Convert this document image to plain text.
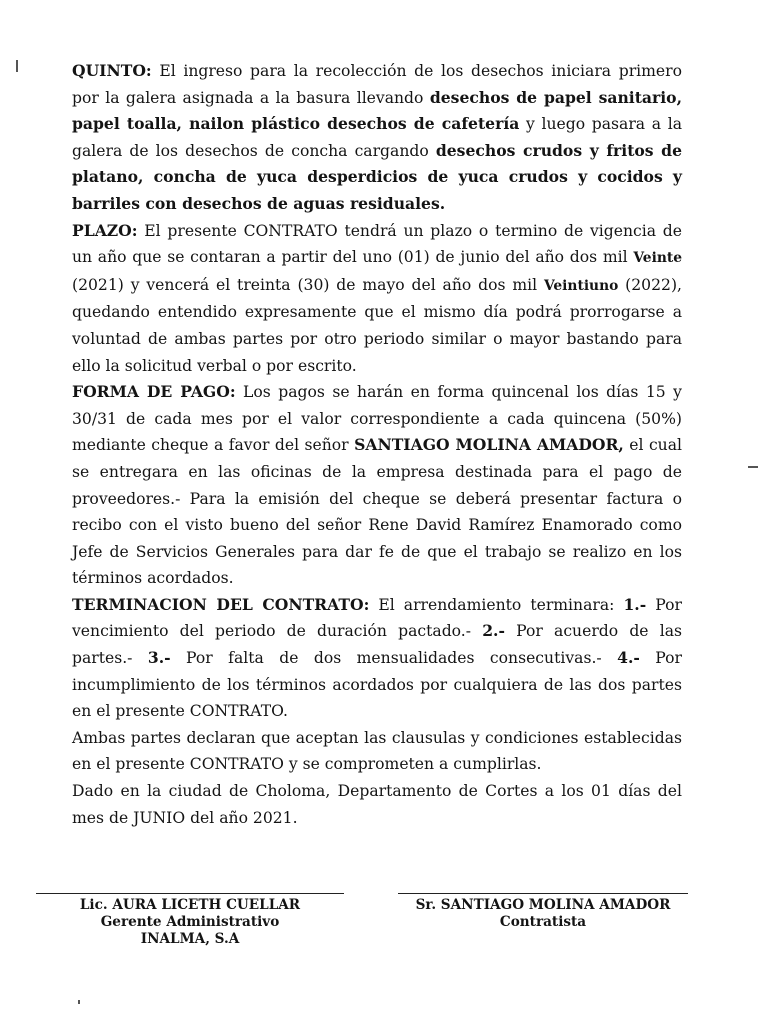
QUINTO: El ingreso para la recolección de los desechos iniciara primero por la galera asignada a la basura llevando desechos de papel sanitario, papel toalla, nailon plástico desechos de cafetería y luego pasara a la galera de los desechos de concha cargando desechos crudos y fritos de platano, concha de yuca desperdicios de yuca crudos y cocidos y barriles con desechos de aguas residuales.

PLAZO: El presente CONTRATO tendrá un plazo o termino de vigencia de un año que se contaran a partir del uno (01) de junio del año dos mil Veinte (2021) y vencerá el treinta (30) de mayo del año dos mil Veintiuno (2022), quedando entendido expresamente que el mismo día podrá prorrogarse a voluntad de ambas partes por otro periodo similar o mayor bastando para ello la solicitud verbal o por escrito.

FORMA DE PAGO: Los pagos se harán en forma quincenal los días 15 y 30/31 de cada mes por el valor correspondiente a cada quincena (50%) mediante cheque a favor del señor SANTIAGO MOLINA AMADOR, el cual se entregara en las oficinas de la empresa destinada para el pago de proveedores.- Para la emisión del cheque se deberá presentar factura o recibo con el visto bueno del señor Rene David Ramírez Enamorado como Jefe de Servicios Generales para dar fe de que el trabajo se realizo en los términos acordados.

TERMINACION DEL CONTRATO: El arrendamiento terminara: 1.- Por vencimiento del periodo de duración pactado.- 2.- Por acuerdo de las partes.- 3.- Por falta de dos mensualidades consecutivas.- 4.- Por incumplimiento de los términos acordados por cualquiera de las dos partes en el presente CONTRATO.

Ambas partes declaran que aceptan las clausulas y condiciones establecidas en el presente CONTRATO y se comprometen a cumplirlas.

Dado en la ciudad de Choloma, Departamento de Cortes a los 01 días del mes de JUNIO del año 2021.

Lic. AURA LICETH CUELLAR
Gerente Administrativo
INALMA, S.A
Sr. SANTIAGO MOLINA AMADOR
Contratista
